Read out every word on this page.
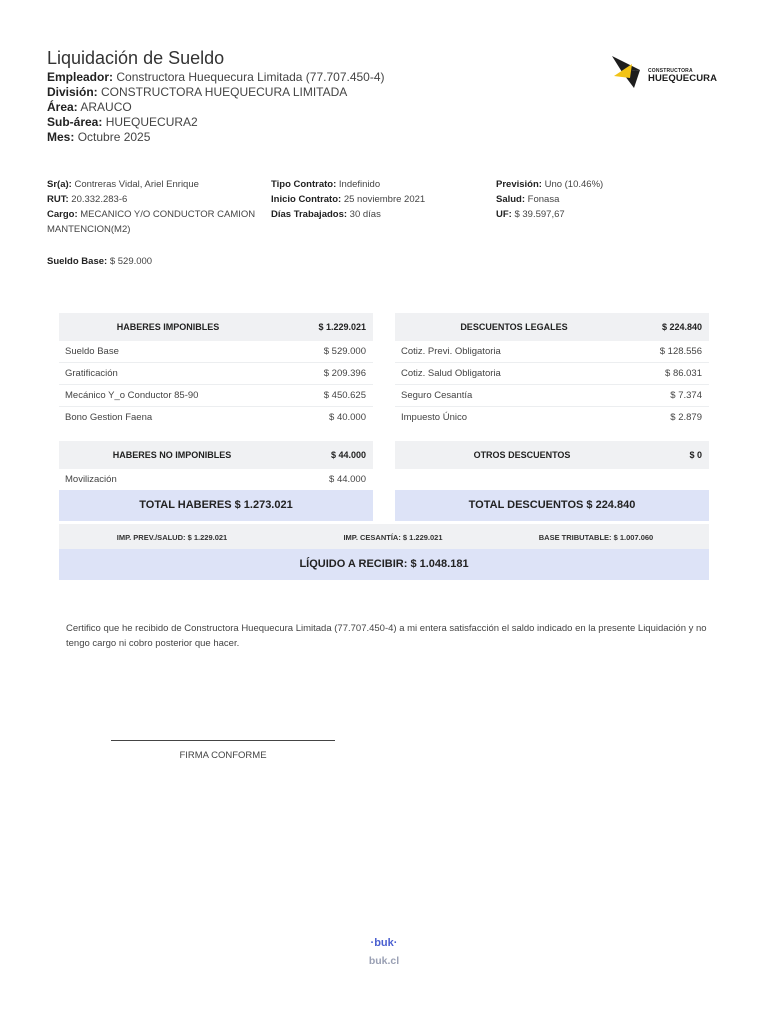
Liquidación de Sueldo
Empleador: Constructora Huequecura Limitada (77.707.450-4)
División: CONSTRUCTORA HUEQUECURA LIMITADA
Área: ARAUCO
Sub-área: HUEQUECURA2
Mes: Octubre 2025
CONSTRUCTORA
HUEQUECURA
Sr(a): Contreras Vidal, Ariel Enrique
RUT: 20.332.283-6
Cargo: MECANICO Y/O CONDUCTOR CAMION
MANTENCION(M2)
Tipo Contrato: Indefinido
Inicio Contrato: 25 noviembre 2021
Días Trabajados: 30 días
Previsión: Uno (10.46%)
Salud: Fonasa
UF: $ 39.597,67
Sueldo Base: $ 529.000
HABERES IMPONIBLES	$ 1.229.021
Sueldo Base	$ 529.000
Gratificación	$ 209.396
Mecánico Y_o Conductor 85-90	$ 450.625
Bono Gestion Faena	$ 40.000
DESCUENTOS LEGALES	$ 224.840
Cotiz. Previ. Obligatoria	$ 128.556
Cotiz. Salud Obligatoria	$ 86.031
Seguro Cesantía	$ 7.374
Impuesto Único	$ 2.879
HABERES NO IMPONIBLES	$ 44.000
Movilización	$ 44.000
OTROS DESCUENTOS	$ 0
TOTAL HABERES $ 1.273.021	TOTAL DESCUENTOS $ 224.840
IMP. PREV./SALUD: $ 1.229.021	IMP. CESANTÍA: $ 1.229.021	BASE TRIBUTABLE: $ 1.007.060
LÍQUIDO A RECIBIR: $ 1.048.181
Certifico que he recibido de Constructora Huequecura Limitada (77.707.450-4) a mi entera satisfacción el saldo indicado en la presente Liquidación y no tengo cargo ni cobro posterior que hacer.
FIRMA CONFORME
·buk·
buk.cl
